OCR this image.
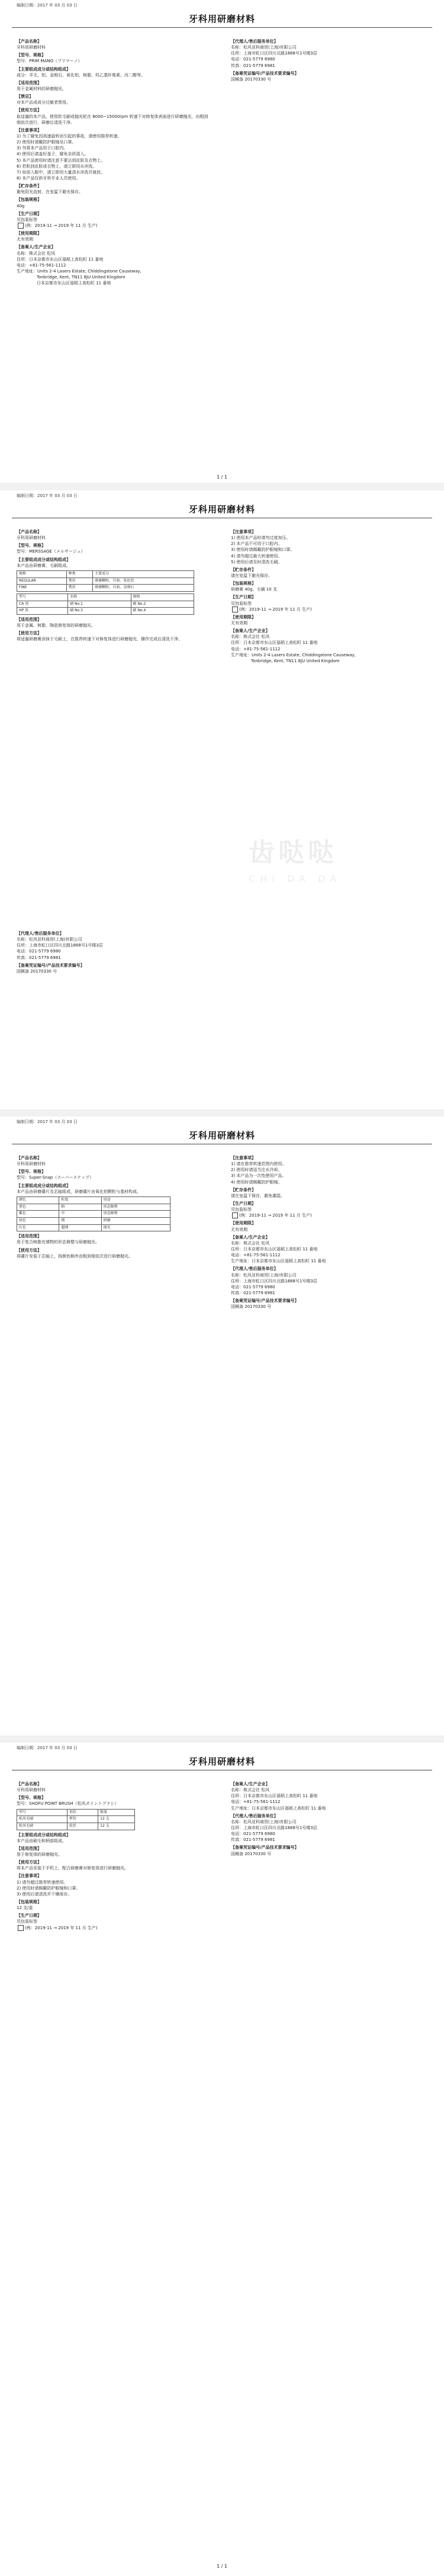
编制日期：2017 年 03 月 03 日
牙科用研磨材料
【产品名称】

牙科用研磨材料

【型号、规格】

型号：PRIM MANO（プリマーノ）

【主要组成成分或结构组成】

成分：羊毛、铝、金刚石、氧化铝、树脂、羟乙基纤维素、丙二醇等。

【适用范围】

用于金属材料的研磨抛光。

【禁忌】

对本产品或成分过敏者禁用。

【使用方法】

取适量的本产品，使用软毛刷或抛光轮在 8000~15000rpm 转速下对修复体表面进行研磨抛光，由粗到细依次进行，研磨后清洗干净。

【注意事项】

1) 为了避免因高速旋转而引起的事故，请使用推荐转速。

2) 使用时请戴防护眼镜及口罩。

3) 勿将本产品用于口腔内。

4) 使用后请盖好盖子，避免杂质混入。

5) 本产品使用时请注意不要沾到皮肤及衣物上。

6) 若粘到皮肤或衣物上，请立即用水冲洗。

7) 如误入眼中，请立即用大量清水冲洗并就医。

8) 本产品仅供牙科专业人员使用。

【贮存条件】

避免阳光直射，在室温下避光保存。

【包装规格】

40g

【生产日期】

见包装标签

(例：2019-11 → 2019 年 11 月 生产)

【使用期限】

无有效期

【备案人/生产企业】

名称：株式会社 松风

住所：日本京都市东山区福稻上高松町 11 番地

电话：+81-75-561-1112

生产地址：Units 2-4 Lasers Estate, Chiddingstone Causeway,

Tonbridge, Kent, TN11 8JU United Kingdom

日本京都市东山区福稻上高松町 11 番地

【代理人/售后服务单位】

名称：松风亚科商贸(上海)有限公司

住所：上海市虹口区四川北路1888号1号楼3层

电话：021-5779 6980

传真：021-5779 6981

【备案凭证编号/产品技术要求编号】

国械备 20170330 号

1 / 1
编制日期：2017 年 03 月 03 日
牙科用研磨材料
齿哒哒
CHI DA DA
【产品名称】

牙科用研磨材料

【型号、规格】

型号：MERSSAGE（メルサージュ）

【主要组成成分或结构组成】

本产品由研磨膏、毛刷组成。

规格	种类	主要成分
REGULAR	膏状	研磨颗粒、甘油、氧化铝
FINE	膏状	研磨颗粒、甘油、金刚石
型号	名称	规格
CA 用	刷 No.1	刷 No.2
HP 用	刷 No.3	刷 No.4
【适用范围】

用于金属、树脂、陶瓷修复体的研磨抛光。

【使用方法】

将适量研磨膏涂抹于毛刷上，在推荐转速下对修复体进行研磨抛光，操作完成后清洗干净。

【注意事项】

1) 使用本产品时请勿过度加压。

2) 本产品不可用于口腔内。

3) 使用时请佩戴防护眼镜和口罩。

4) 请勿超过最大转速使用。

5) 使用后请及时清洗毛刷。

【贮存条件】

请在室温下避光保存。

【包装规格】

研磨膏 40g，毛刷 10 支

【生产日期】

见包装标签

(例：2019-11 → 2019 年 11 月 生产)

【使用期限】

无有效期

【备案人/生产企业】

名称：株式会社 松风

住所：日本京都市东山区福稻上高松町 11 番地

电话：+81-75-561-1112

生产地址：Units 2-4 Lasers Estate, Chiddingstone Causeway,

Tonbridge, Kent, TN11 8JU United Kingdom

【代理人/售后服务单位】

名称：松风亚科商贸(上海)有限公司

住所：上海市虹口区四川北路1888号1号楼3层

电话：021-5779 6980

传真：021-5779 6981

【备案凭证编号/产品技术要求编号】

国械备 20170330 号

编制日期：2017 年 03 月 03 日
牙科用研磨材料
【产品名称】

牙科用研磨材料

【型号、规格】

型号：Super-Snap（スーパースナップ）

【主要组成成分或结构组成】

本产品由研磨碟片及芯轴组成，研磨碟片由氧化铝颗粒与基材构成。

颜色	粒度	用途
黑色	粗	形态修整
紫色	中	形态修整
绿色	细	研磨
红色	超细	抛光
【适用范围】

用于复合树脂充填物的形态修整与研磨抛光。

【使用方法】

将碟片安装于芯轴上，按颜色顺序由粗到细依次进行研磨抛光。

【注意事项】

1) 请在推荐转速范围内使用。

2) 使用时请适当注水冷却。

3) 本产品为一次性使用产品。

4) 使用时请佩戴防护眼镜。

【贮存条件】

请在室温下保存，避免潮湿。

【生产日期】

见包装标签

(例：2019-11 → 2019 年 11 月 生产)

【使用期限】

无有效期

【备案人/生产企业】

名称：株式会社 松风

住所：日本京都市东山区福稻上高松町 11 番地

电话：+81-75-561-1112

生产地址：日本京都市东山区福稻上高松町 11 番地

【代理人/售后服务单位】

名称：松风亚科商贸(上海)有限公司

住所：上海市虹口区四川北路1888号1号楼3层

电话：021-5779 6980

传真：021-5779 6981

【备案凭证编号/产品技术要求编号】

国械备 20170330 号

编制日期：2017 年 03 月 03 日
牙科用研磨材料
【产品名称】

牙科用研磨材料

【型号、规格】

型号：SHOFU POINT BRUSH（松风ポイントブラシ）

型号	形状	数量
松风毛刷	杯状	12 支
松风毛刷	轮状	12 支
【主要组成成分或结构组成】

本产品由刷毛和柄部组成。

【适用范围】

用于修复体的研磨抛光。

【使用方法】

将本产品安装于手机上，配合研磨膏对修复体进行研磨抛光。

【注意事项】

1) 请勿超过推荐转速使用。

2) 使用时请佩戴防护眼镜和口罩。

3) 使用后请清洗并干燥保存。

【包装规格】

12 支/盒

【生产日期】

见包装标签

(例：2019-11 → 2019 年 11 月 生产)

【备案人/生产企业】

名称：株式会社 松风

住所：日本京都市东山区福稻上高松町 11 番地

电话：+81-75-561-1112

生产地址：日本京都市东山区福稻上高松町 11 番地

【代理人/售后服务单位】

名称：松风亚科商贸(上海)有限公司

住所：上海市虹口区四川北路1888号1号楼3层

电话：021-5779 6980

传真：021-5779 6981

【备案凭证编号/产品技术要求编号】

国械备 20170330 号

1 / 1
